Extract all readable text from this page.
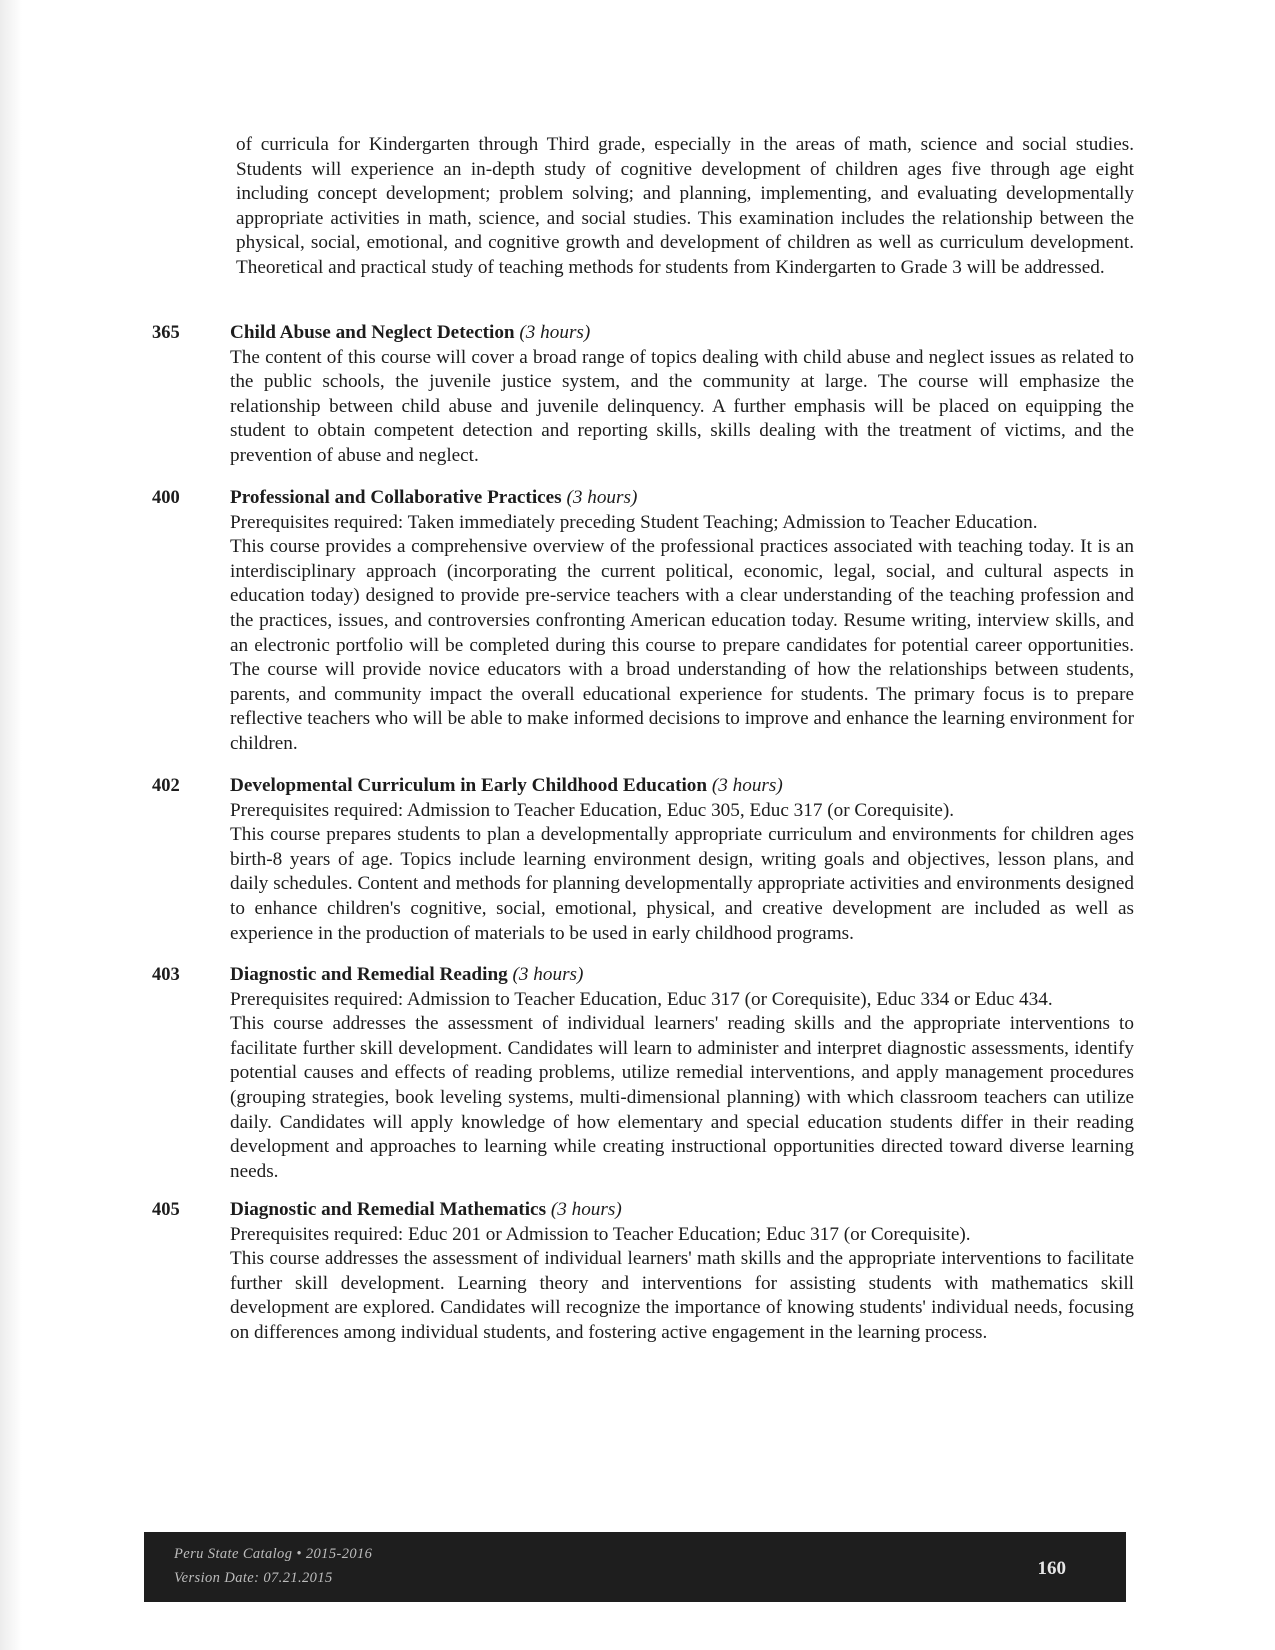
of curricula for Kindergarten through Third grade, especially in the areas of math, science and social studies. Students will experience an in-depth study of cognitive development of children ages five through age eight including concept development; problem solving; and planning, implementing, and evaluating developmentally appropriate activities in math, science, and social studies. This examination includes the relationship between the physical, social, emotional, and cognitive growth and development of children as well as curriculum development. Theoretical and practical study of teaching methods for students from Kindergarten to Grade 3 will be addressed.

365	Child Abuse and Neglect Detection (3 hours)

The content of this course will cover a broad range of topics dealing with child abuse and neglect issues as related to the public schools, the juvenile justice system, and the community at large. The course will emphasize the relationship between child abuse and juvenile delinquency. A further emphasis will be placed on equipping the student to obtain competent detection and reporting skills, skills dealing with the treatment of victims, and the prevention of abuse and neglect.

400	Professional and Collaborative Practices (3 hours)

Prerequisites required: Taken immediately preceding Student Teaching; Admission to Teacher Education.

This course provides a comprehensive overview of the professional practices associated with teaching today. It is an interdisciplinary approach (incorporating the current political, economic, legal, social, and cultural aspects in education today) designed to provide pre-service teachers with a clear understanding of the teaching profession and the practices, issues, and controversies confronting American education today. Resume writing, interview skills, and an electronic portfolio will be completed during this course to prepare candidates for potential career opportunities. The course will provide novice educators with a broad understanding of how the relationships between students, parents, and community impact the overall educational experience for students. The primary focus is to prepare reflective teachers who will be able to make informed decisions to improve and enhance the learning environment for children.

402	Developmental Curriculum in Early Childhood Education (3 hours)

Prerequisites required: Admission to Teacher Education, Educ 305, Educ 317 (or Corequisite).

This course prepares students to plan a developmentally appropriate curriculum and environments for children ages birth-8 years of age. Topics include learning environment design, writing goals and objectives, lesson plans, and daily schedules. Content and methods for planning developmentally appropriate activities and environments designed to enhance children's cognitive, social, emotional, physical, and creative development are included as well as experience in the production of materials to be used in early childhood programs.

403	Diagnostic and Remedial Reading (3 hours)

Prerequisites required: Admission to Teacher Education, Educ 317 (or Corequisite), Educ 334 or Educ 434.

This course addresses the assessment of individual learners' reading skills and the appropriate interventions to facilitate further skill development. Candidates will learn to administer and interpret diagnostic assessments, identify potential causes and effects of reading problems, utilize remedial interventions, and apply management procedures (grouping strategies, book leveling systems, multi-dimensional planning) with which classroom teachers can utilize daily. Candidates will apply knowledge of how elementary and special education students differ in their reading development and approaches to learning while creating instructional opportunities directed toward diverse learning needs.

405	Diagnostic and Remedial Mathematics (3 hours)

Prerequisites required: Educ 201 or Admission to Teacher Education; Educ 317 (or Corequisite).

This course addresses the assessment of individual learners' math skills and the appropriate interventions to facilitate further skill development. Learning theory and interventions for assisting students with mathematics skill development are explored. Candidates will recognize the importance of knowing students' individual needs, focusing on differences among individual students, and fostering active engagement in the learning process.

Peru State Catalog • 2015-2016
Version Date: 07.21.2015	160
